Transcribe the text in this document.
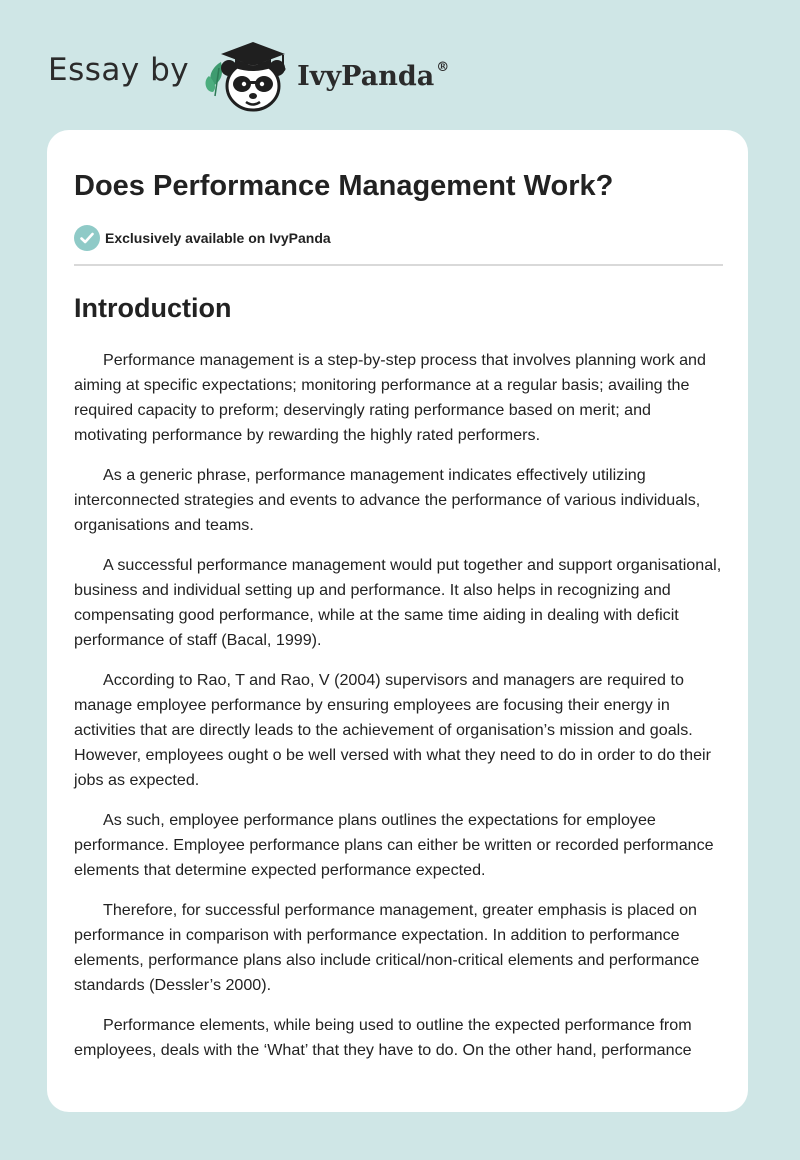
Essay by	IvyPanda ®
Does Performance Management Work?
Exclusively available on IvyPanda
Introduction

Performance management is a step-by-step process that involves planning work and aiming at specific expectations; monitoring performance at a regular basis; availing the required capacity to preform; deservingly rating performance based on merit; and motivating performance by rewarding the highly rated performers.

As a generic phrase, performance management indicates effectively utilizing interconnected strategies and events to advance the performance of various individuals, organisations and teams.

A successful performance management would put together and support organisational, business and individual setting up and performance. It also helps in recognizing and compensating good performance, while at the same time aiding in dealing with deficit performance of staff (Bacal, 1999).

According to Rao, T and Rao, V (2004) supervisors and managers are required to manage employee performance by ensuring employees are focusing their energy in activities that are directly leads to the achievement of organisation’s mission and goals. However, employees ought o be well versed with what they need to do in order to do their jobs as expected.

As such, employee performance plans outlines the expectations for employee performance. Employee performance plans can either be written or recorded performance elements that determine expected performance expected.

Therefore, for successful performance management, greater emphasis is placed on performance in comparison with performance expectation. In addition to performance elements, performance plans also include critical/non-critical elements and performance standards (Dessler’s 2000).

Performance elements, while being used to outline the expected performance from employees, deals with the ‘What’ that they have to do. On the other hand, performance
